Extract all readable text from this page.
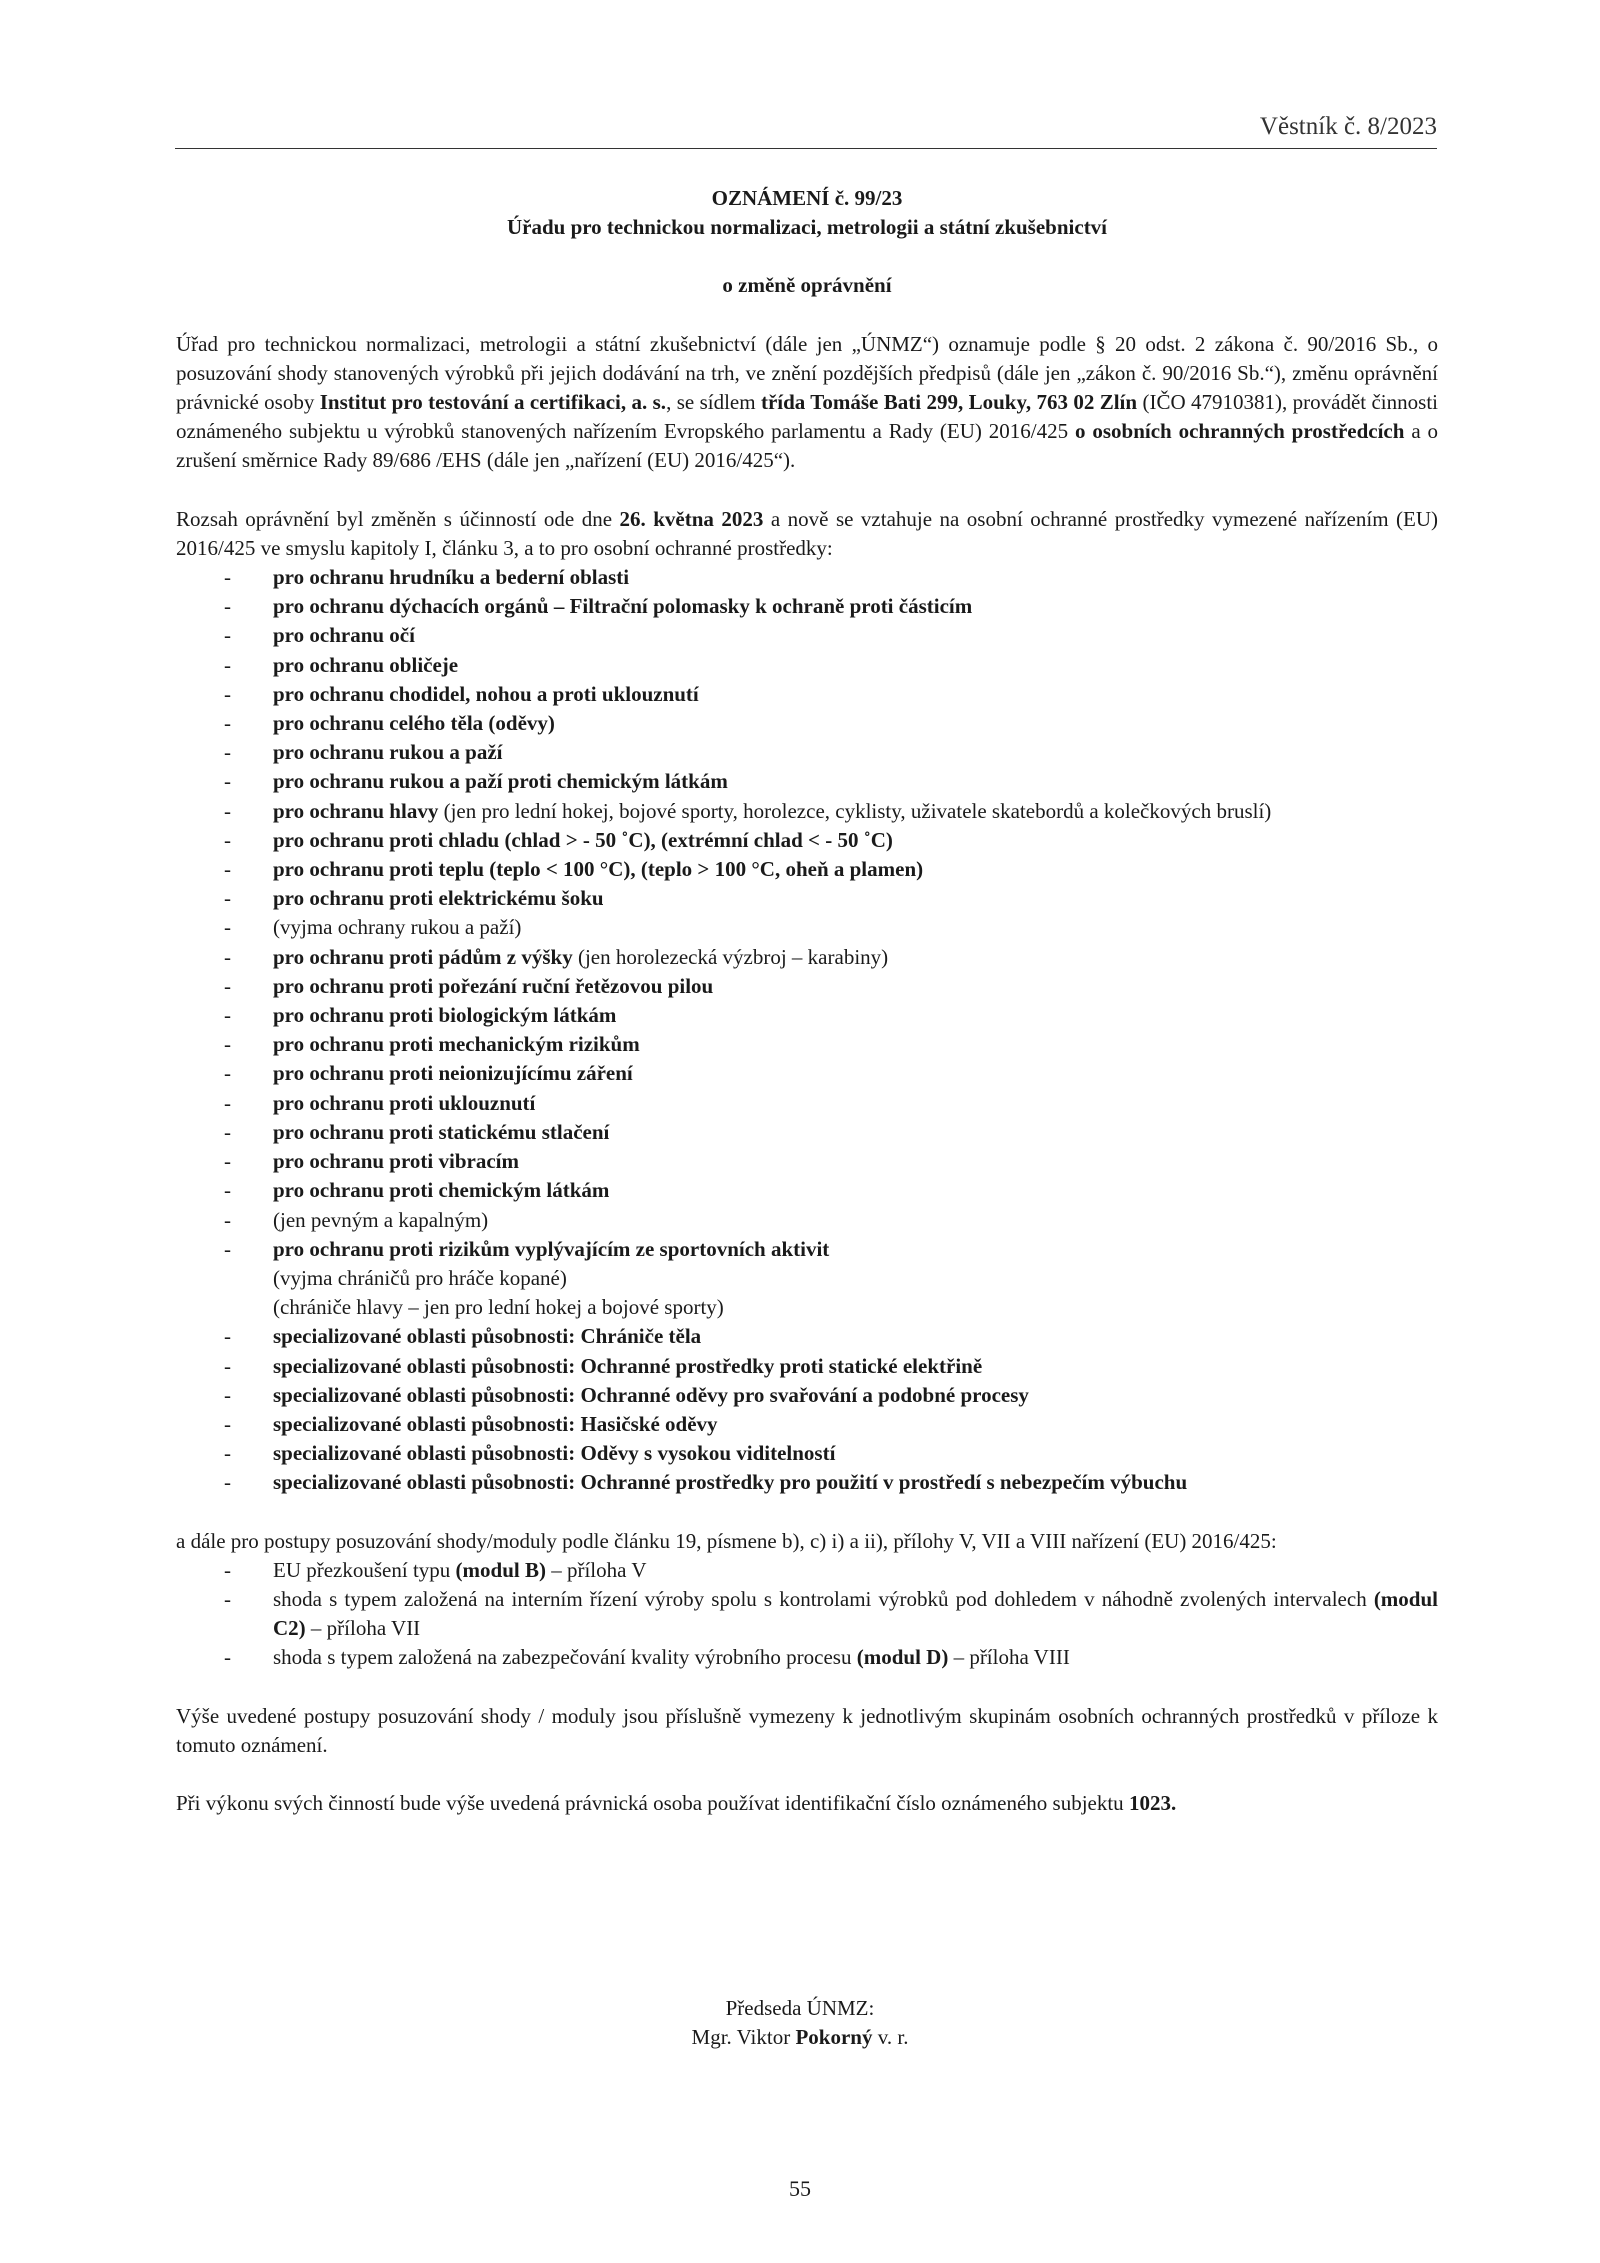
Věstník č. 8/2023
OZNÁMENÍ č. 99/23
Úřadu pro technickou normalizaci, metrologii a státní zkušebnictví
o změně oprávnění

Úřad pro technickou normalizaci, metrologii a státní zkušebnictví (dále jen „ÚNMZ“) oznamuje podle § 20 odst. 2 zákona č. 90/2016 Sb., o posuzování shody stanovených výrobků při jejich dodávání na trh, ve znění pozdějších předpisů (dále jen „zákon č. 90/2016 Sb.“), změnu oprávnění právnické osoby Institut pro testování a certifikaci, a. s., se sídlem třída Tomáše Bati 299, Louky, 763 02 Zlín (IČO 47910381), provádět činnosti oznámeného subjektu u výrobků stanovených nařízením Evropského parlamentu a Rady (EU) 2016/425 o osobních ochranných prostředcích a o zrušení směrnice Rady 89/686 /EHS (dále jen „nařízení (EU) 2016/425“).

Rozsah oprávnění byl změněn s účinností ode dne 26. května 2023 a nově se vztahuje na osobní ochranné prostředky vymezené nařízením (EU) 2016/425 ve smyslu kapitoly I, článku 3, a to pro osobní ochranné prostředky:

- pro ochranu hrudníku a bederní oblasti
- pro ochranu dýchacích orgánů – Filtrační polomasky k ochraně proti částicím
- pro ochranu očí
- pro ochranu obličeje
- pro ochranu chodidel, nohou a proti uklouznutí
- pro ochranu celého těla (oděvy)
- pro ochranu rukou a paží
- pro ochranu rukou a paží proti chemickým látkám
- pro ochranu hlavy (jen pro lední hokej, bojové sporty, horolezce, cyklisty, uživatele skatebordů a kolečkových bruslí)
- pro ochranu proti chladu (chlad > - 50 ˚C), (extrémní chlad < - 50 ˚C)
- pro ochranu proti teplu (teplo < 100 °C), (teplo > 100 °C, oheň a plamen)
- pro ochranu proti elektrickému šoku
- (vyjma ochrany rukou a paží)
- pro ochranu proti pádům z výšky (jen horolezecká výzbroj – karabiny)
- pro ochranu proti pořezání ruční řetězovou pilou
- pro ochranu proti biologickým látkám
- pro ochranu proti mechanickým rizikům
- pro ochranu proti neionizujícímu záření
- pro ochranu proti uklouznutí
- pro ochranu proti statickému stlačení
- pro ochranu proti vibracím
- pro ochranu proti chemickým látkám
- (jen pevným a kapalným)
- pro ochranu proti rizikům vyplývajícím ze sportovních aktivit
(vyjma chráničů pro hráče kopané)
(chrániče hlavy – jen pro lední hokej a bojové sporty)
- specializované oblasti působnosti: Chrániče těla
- specializované oblasti působnosti: Ochranné prostředky proti statické elektřině
- specializované oblasti působnosti: Ochranné oděvy pro svařování a podobné procesy
- specializované oblasti působnosti: Hasičské oděvy
- specializované oblasti působnosti: Oděvy s vysokou viditelností
- specializované oblasti působnosti: Ochranné prostředky pro použití v prostředí s nebezpečím výbuchu

a dále pro postupy posuzování shody/moduly podle článku 19, písmene b), c) i) a ii), přílohy V, VII a VIII nařízení (EU) 2016/425:

- EU přezkoušení typu (modul B) – příloha V
- shoda s typem založená na interním řízení výroby spolu s kontrolami výrobků pod dohledem v náhodně zvolených intervalech (modul C2) – příloha VII
- shoda s typem založená na zabezpečování kvality výrobního procesu (modul D) – příloha VIII

Výše uvedené postupy posuzování shody / moduly jsou příslušně vymezeny k jednotlivým skupinám osobních ochranných prostředků v příloze k tomuto oznámení.

Při výkonu svých činností bude výše uvedená právnická osoba používat identifikační číslo oznámeného subjektu 1023.

Předseda ÚNMZ:
Mgr. Viktor Pokorný v. r.
55
